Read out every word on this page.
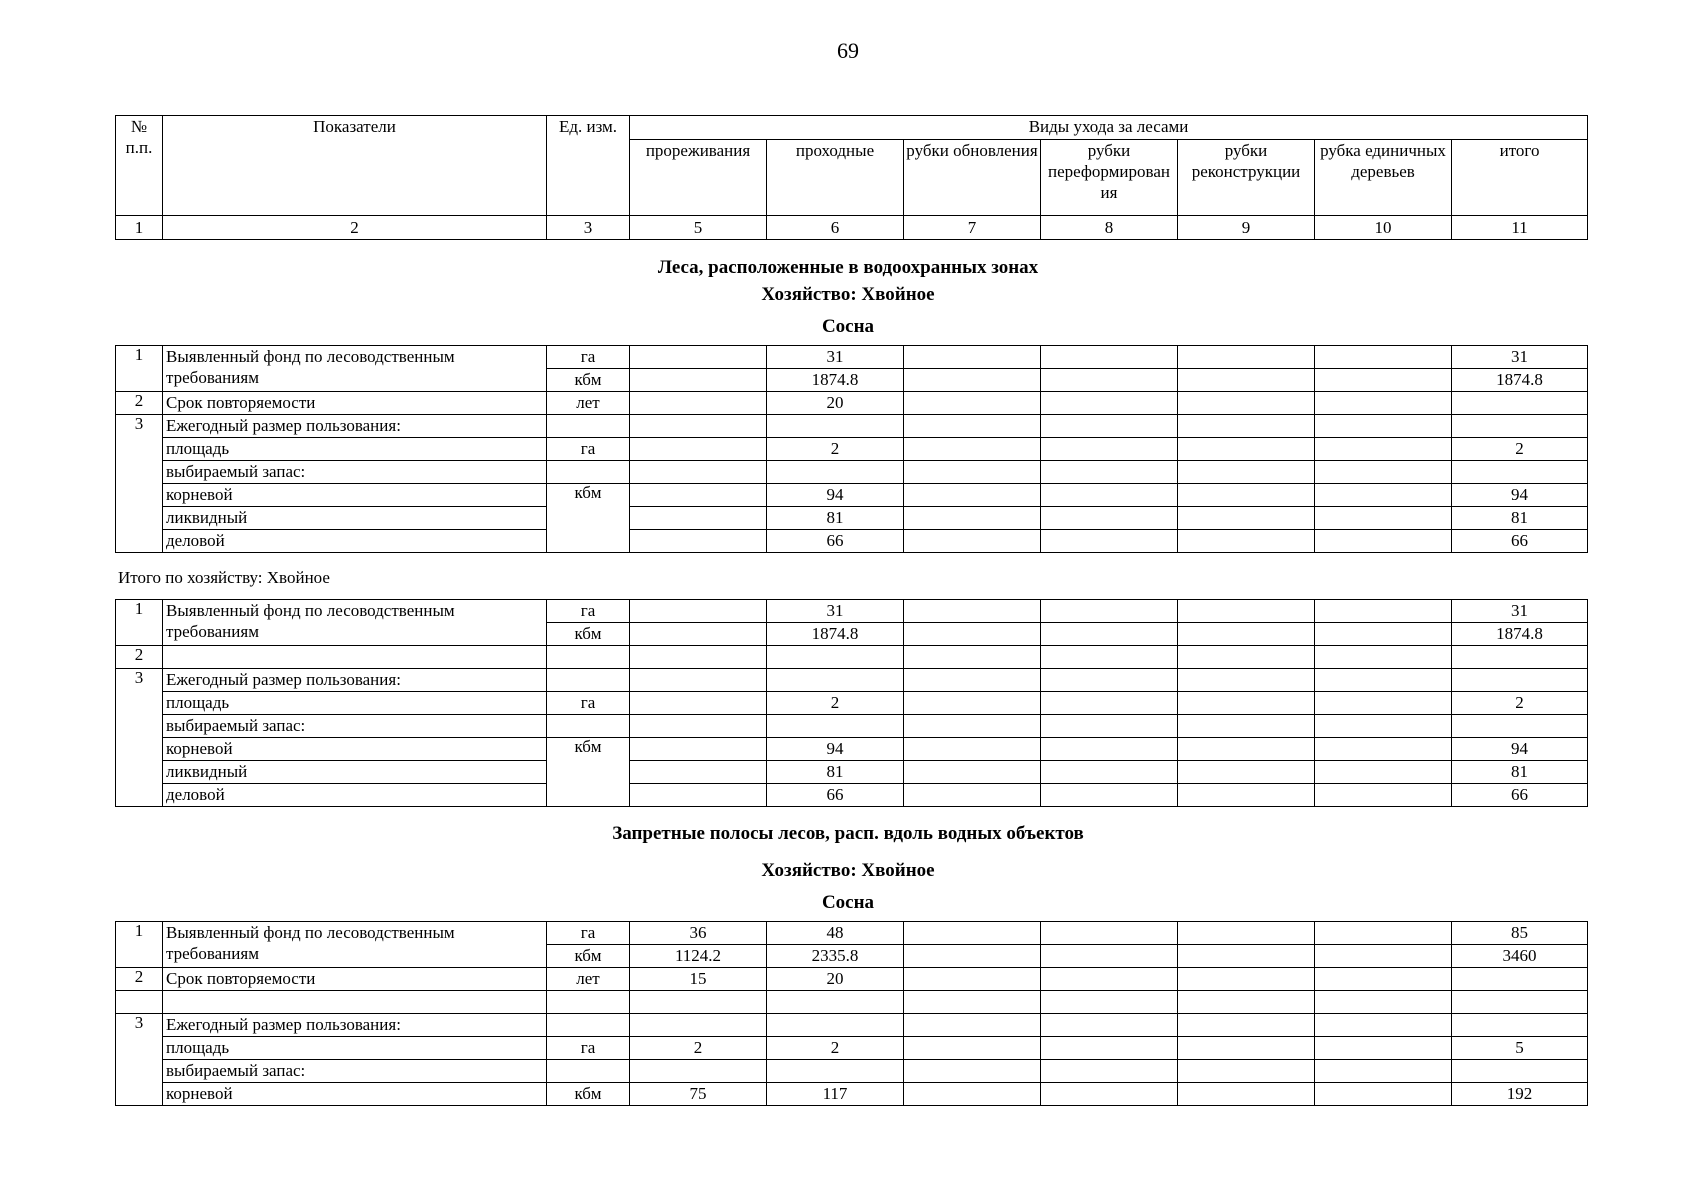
69
№ п.п.	Показатели	Ед. изм.	Виды ухода за лесами						
			прореживания	проходные	рубки обновления	рубки переформирован ия	рубки реконструкции	рубка единичных деревьев	итого
1	2	3	5	6	7	8	9	10	11
Леса, расположенные в водоохранных зонах
Хозяйство: Хвойное
Сосна
1	Выявленный фонд по лесоводственным требованиям	га		31					31
		кбм		1874.8					1874.8
2	Срок повторяемости	лет		20					
3	Ежегодный размер пользования:								
	площадь	га		2					2
	выбираемый запас:								
	корневой	кбм		94					94
	ликвидный			81					81
	деловой			66					66
Итого по хозяйству: Хвойное
1	Выявленный фонд по лесоводственным требованиям	га		31					31
		кбм		1874.8					1874.8
2									
3	Ежегодный размер пользования:								
	площадь	га		2					2
	выбираемый запас:								
	корневой	кбм		94					94
	ликвидный			81					81
	деловой			66					66
Запретные полосы лесов, расп. вдоль водных объектов
Хозяйство: Хвойное
Сосна
1	Выявленный фонд по лесоводственным требованиям	га	36	48					85
		кбм	1124.2	2335.8					3460
2	Срок повторяемости	лет	15	20					

3	Ежегодный размер пользования:								
	площадь	га	2	2					5
	выбираемый запас:								
	корневой	кбм	75	117					192
